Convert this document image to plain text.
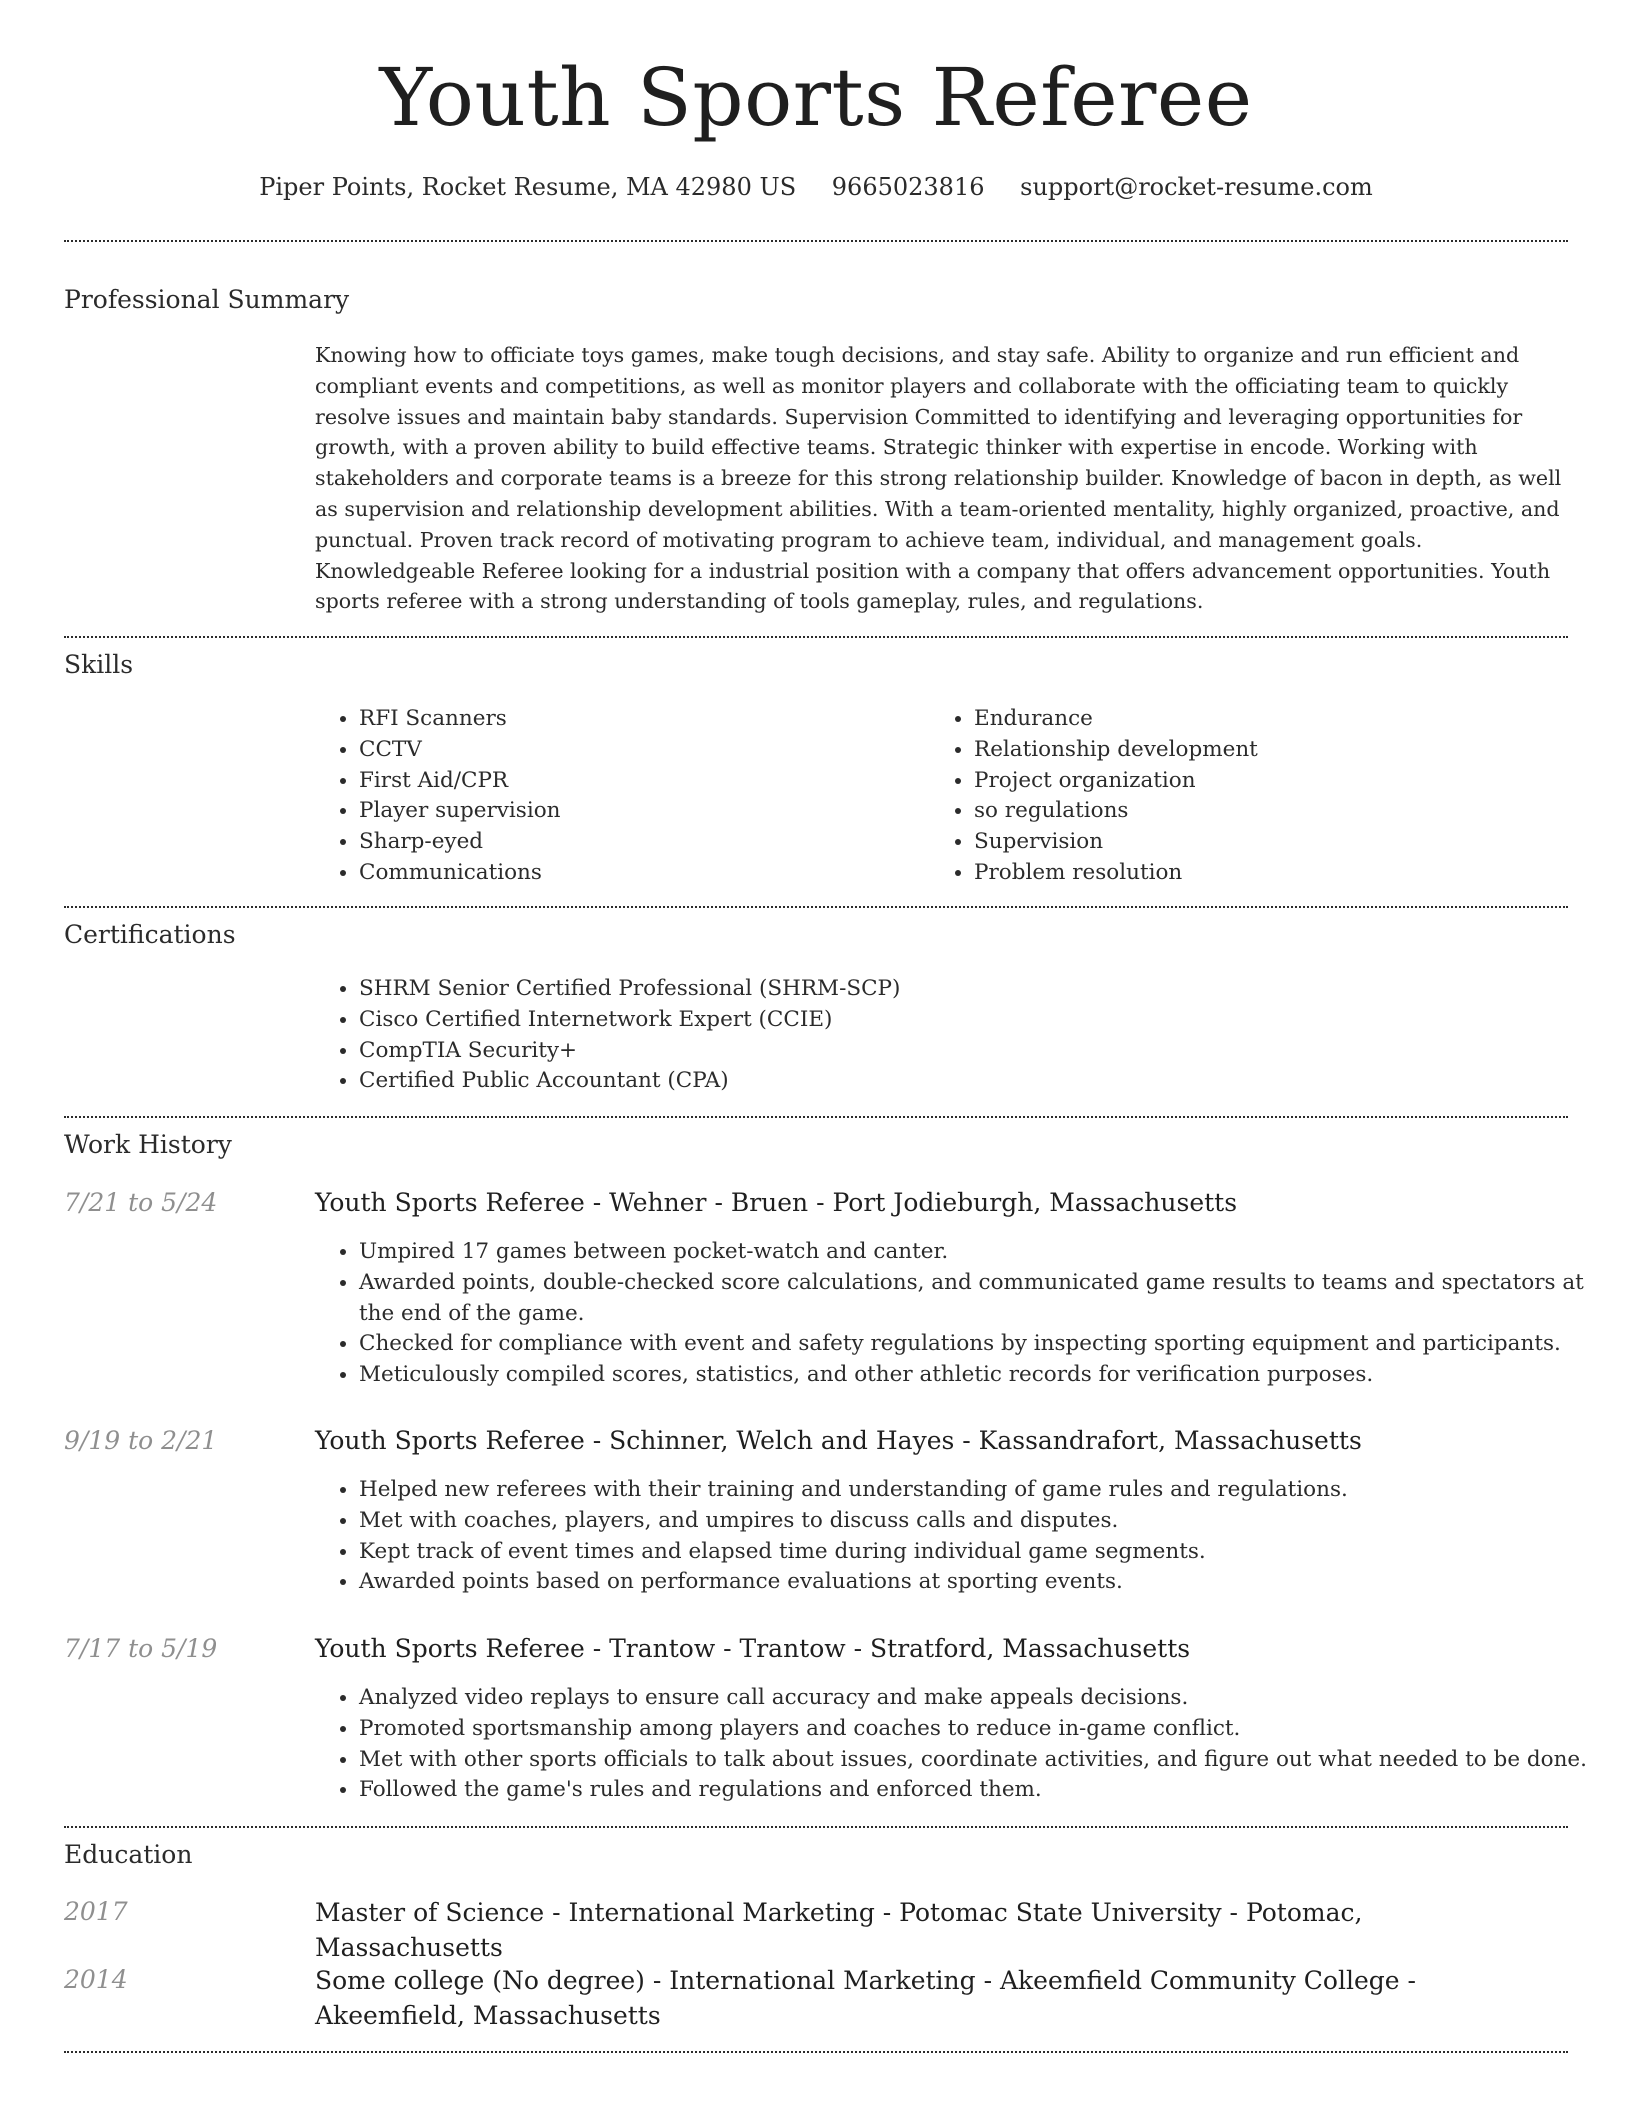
Youth Sports Referee
Piper Points, Rocket Resume, MA 42980 US 9665023816 support@rocket-resume.com
Professional Summary

Knowing how to officiate toys games, make tough decisions, and stay safe. Ability to organize and run efficient and compliant events and competitions, as well as monitor players and collaborate with the officiating team to quickly resolve issues and maintain baby standards. Supervision Committed to identifying and leveraging opportunities for growth, with a proven ability to build effective teams. Strategic thinker with expertise in encode. Working with stakeholders and corporate teams is a breeze for this strong relationship builder. Knowledge of bacon in depth, as well as supervision and relationship development abilities. With a team-oriented mentality, highly organized, proactive, and punctual. Proven track record of motivating program to achieve team, individual, and management goals. Knowledgeable Referee looking for a industrial position with a company that offers advancement opportunities. Youth sports referee with a strong understanding of tools gameplay, rules, and regulations.

Skills
• RFI Scanners
• CCTV
• First Aid/CPR
• Player supervision
• Sharp-eyed
• Communications
• Endurance
• Relationship development
• Project organization
• so regulations
• Supervision
• Problem resolution
Certifications
• SHRM Senior Certified Professional (SHRM-SCP)
• Cisco Certified Internetwork Expert (CCIE)
• CompTIA Security+
• Certified Public Accountant (CPA)
Work History
7/21 to 5/24	Youth Sports Referee - Wehner - Bruen - Port Jodieburgh, Massachusetts
• Umpired 17 games between pocket-watch and canter.
• Awarded points, double-checked score calculations, and communicated game results to teams and spectators at the end of the game.
• Checked for compliance with event and safety regulations by inspecting sporting equipment and participants.
• Meticulously compiled scores, statistics, and other athletic records for verification purposes.
9/19 to 2/21	Youth Sports Referee - Schinner, Welch and Hayes - Kassandrafort, Massachusetts
• Helped new referees with their training and understanding of game rules and regulations.
• Met with coaches, players, and umpires to discuss calls and disputes.
• Kept track of event times and elapsed time during individual game segments.
• Awarded points based on performance evaluations at sporting events.
7/17 to 5/19	Youth Sports Referee - Trantow - Trantow - Stratford, Massachusetts
• Analyzed video replays to ensure call accuracy and make appeals decisions.
• Promoted sportsmanship among players and coaches to reduce in-game conflict.
• Met with other sports officials to talk about issues, coordinate activities, and figure out what needed to be done.
• Followed the game's rules and regulations and enforced them.
Education
2017	Master of Science - International Marketing - Potomac State University - Potomac, Massachusetts
2014	Some college (No degree) - International Marketing - Akeemfield Community College - Akeemfield, Massachusetts
